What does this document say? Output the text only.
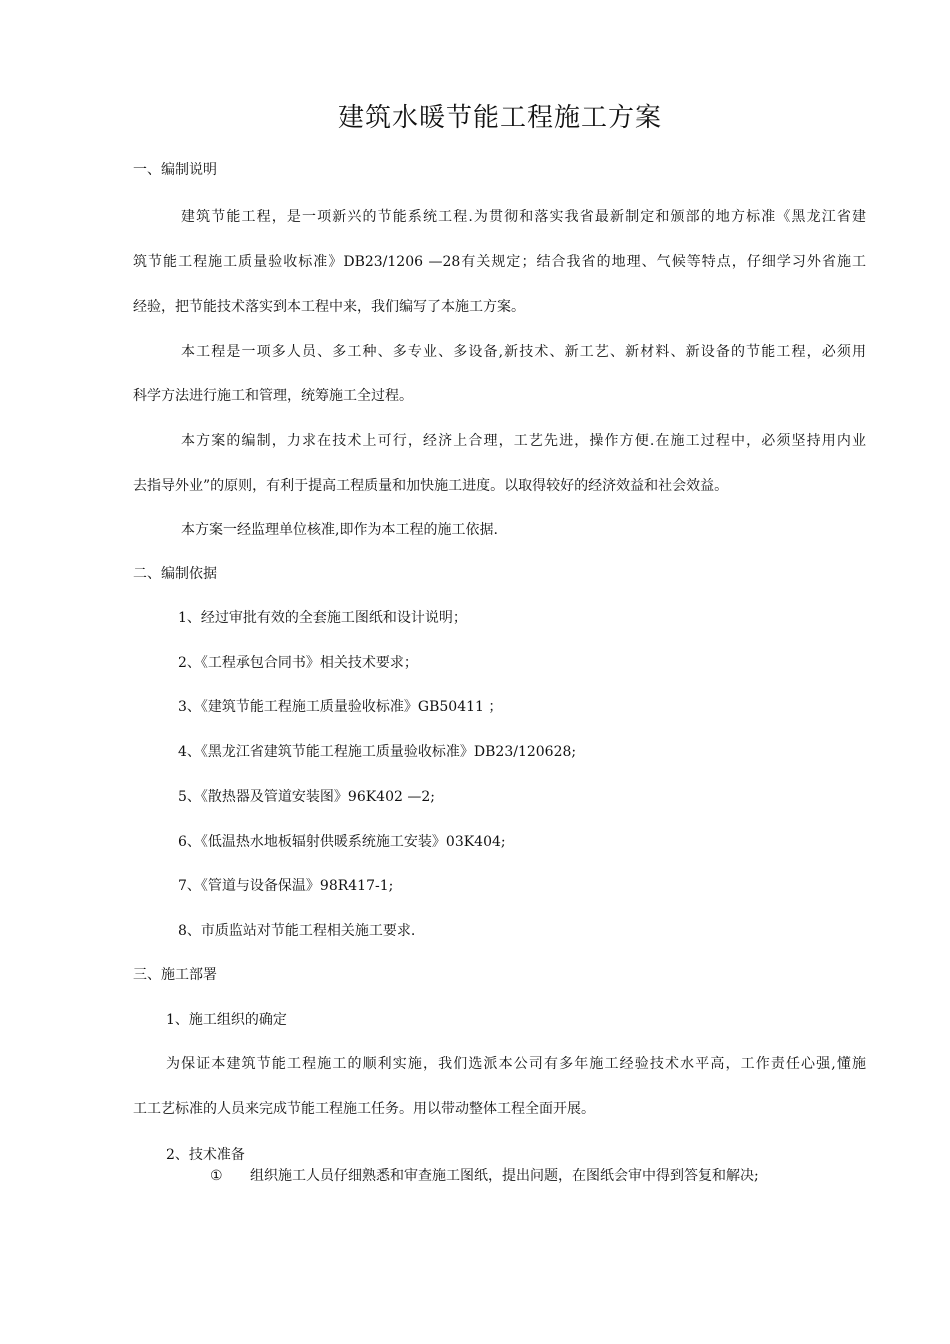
建筑水暖节能工程施工方案

一、编制说明

建筑节能工程，是一项新兴的节能系统工程.为贯彻和落实我省最新制定和颁部的地方标准《黑龙江省建

筑节能工程施工质量验收标准》DB23/1206 —28有关规定；结合我省的地理、气候等特点，仔细学习外省施工

经验，把节能技术落实到本工程中来，我们编写了本施工方案。

本工程是一项多人员、多工种、多专业、多设备,新技术、新工艺、新材料、新设备的节能工程，必须用

科学方法进行施工和管理，统筹施工全过程。

本方案的编制，力求在技术上可行，经济上合理，工艺先进，操作方便.在施工过程中，必须坚持用内业

去指导外业”的原则，有利于提高工程质量和加快施工进度。以取得较好的经济效益和社会效益。

本方案一经监理单位核准,即作为本工程的施工依据.

二、编制依据

1、经过审批有效的全套施工图纸和设计说明；

2、《工程承包合同书》相关技术要求；

3、《建筑节能工程施工质量验收标准》GB50411 ；

4、《黑龙江省建筑节能工程施工质量验收标准》DB23/120628;

5、《散热器及管道安装图》96K402 —2;

6、《低温热水地板辐射供暖系统施工安装》03K404;

7、《管道与设备保温》98R417-1;

8、市质监站对节能工程相关施工要求.

三、施工部署

1、施工组织的确定

为保证本建筑节能工程施工的顺利实施，我们选派本公司有多年施工经验技术水平高，工作责任心强,懂施

工工艺标准的人员来完成节能工程施工任务。用以带动整体工程全面开展。

2、技术准备

① 组织施工人员仔细熟悉和审查施工图纸，提出问题，在图纸会审中得到答复和解决;
